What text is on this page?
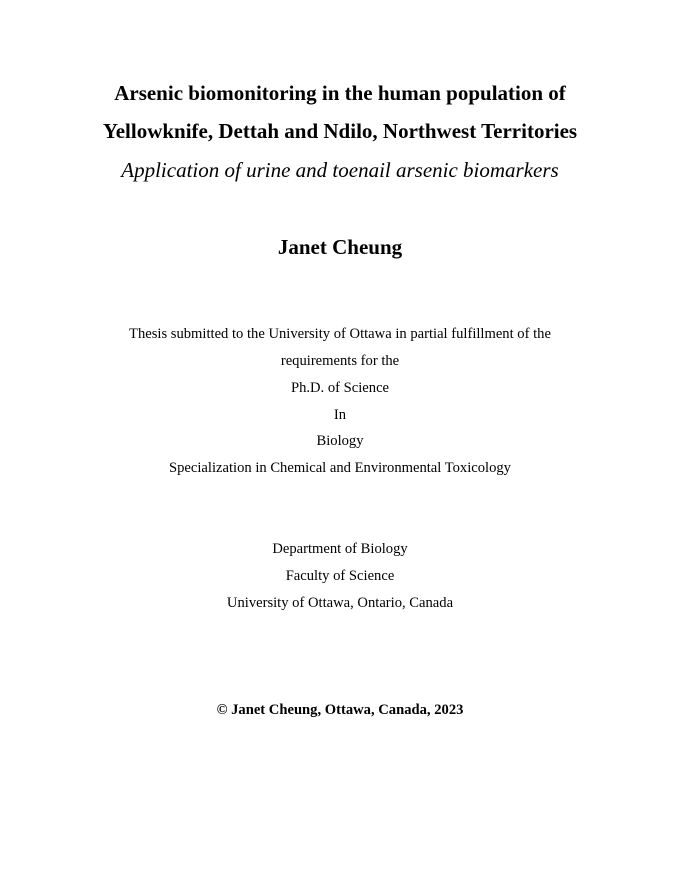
Arsenic biomonitoring in the human population of
Yellowknife, Dettah and Ndilo, Northwest Territories
Application of urine and toenail arsenic biomarkers
Janet Cheung
Thesis submitted to the University of Ottawa in partial fulfillment of the
requirements for the
Ph.D. of Science
In
Biology
Specialization in Chemical and Environmental Toxicology
Department of Biology
Faculty of Science
University of Ottawa, Ontario, Canada
© Janet Cheung, Ottawa, Canada, 2023
